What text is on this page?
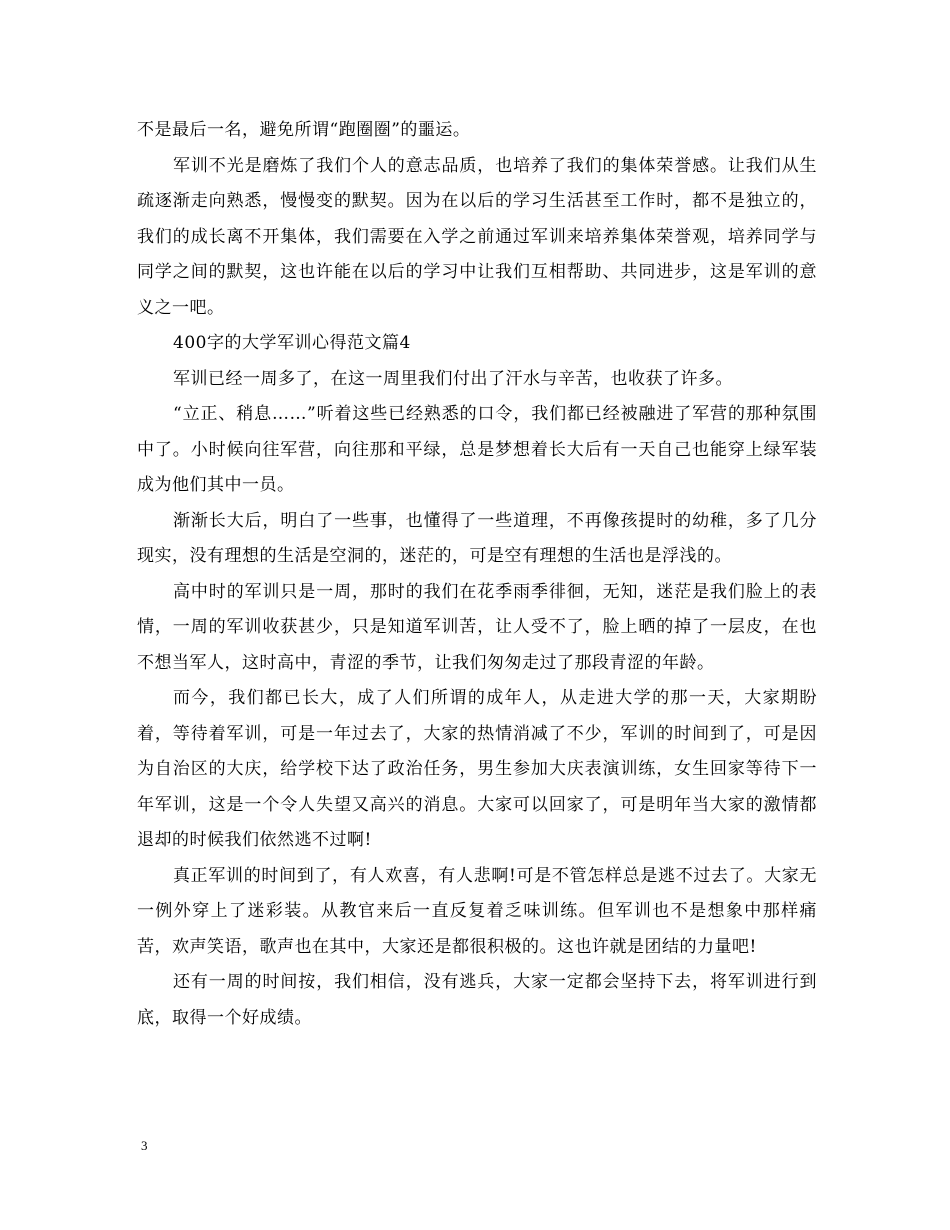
不是最后一名，避免所谓“跑圈圈”的噩运。

军训不光是磨炼了我们个人的意志品质，也培养了我们的集体荣誉感。让我们从生疏逐渐走向熟悉，慢慢变的默契。因为在以后的学习生活甚至工作时，都不是独立的，我们的成长离不开集体，我们需要在入学之前通过军训来培养集体荣誉观，培养同学与同学之间的默契，这也许能在以后的学习中让我们互相帮助、共同进步，这是军训的意义之一吧。

400字的大学军训心得范文篇4

军训已经一周多了，在这一周里我们付出了汗水与辛苦，也收获了许多。

“立正、稍息……”听着这些已经熟悉的口令，我们都已经被融进了军营的那种氛围中了。小时候向往军营，向往那和平绿，总是梦想着长大后有一天自己也能穿上绿军装成为他们其中一员。

渐渐长大后，明白了一些事，也懂得了一些道理，不再像孩提时的幼稚，多了几分现实，没有理想的生活是空洞的，迷茫的，可是空有理想的生活也是浮浅的。

高中时的军训只是一周，那时的我们在花季雨季徘徊，无知，迷茫是我们脸上的表情，一周的军训收获甚少，只是知道军训苦，让人受不了，脸上晒的掉了一层皮，在也不想当军人，这时高中，青涩的季节，让我们匆匆走过了那段青涩的年龄。

而今，我们都已长大，成了人们所谓的成年人，从走进大学的那一天，大家期盼着，等待着军训，可是一年过去了，大家的热情消减了不少，军训的时间到了，可是因为自治区的大庆，给学校下达了政治任务，男生参加大庆表演训练，女生回家等待下一年军训，这是一个令人失望又高兴的消息。大家可以回家了，可是明年当大家的激情都退却的时候我们依然逃不过啊!

真正军训的时间到了，有人欢喜，有人悲啊!可是不管怎样总是逃不过去了。大家无一例外穿上了迷彩装。从教官来后一直反复着乏味训练。但军训也不是想象中那样痛苦，欢声笑语，歌声也在其中，大家还是都很积极的。这也许就是团结的力量吧!

还有一周的时间按，我们相信，没有逃兵，大家一定都会坚持下去，将军训进行到底，取得一个好成绩。

3
